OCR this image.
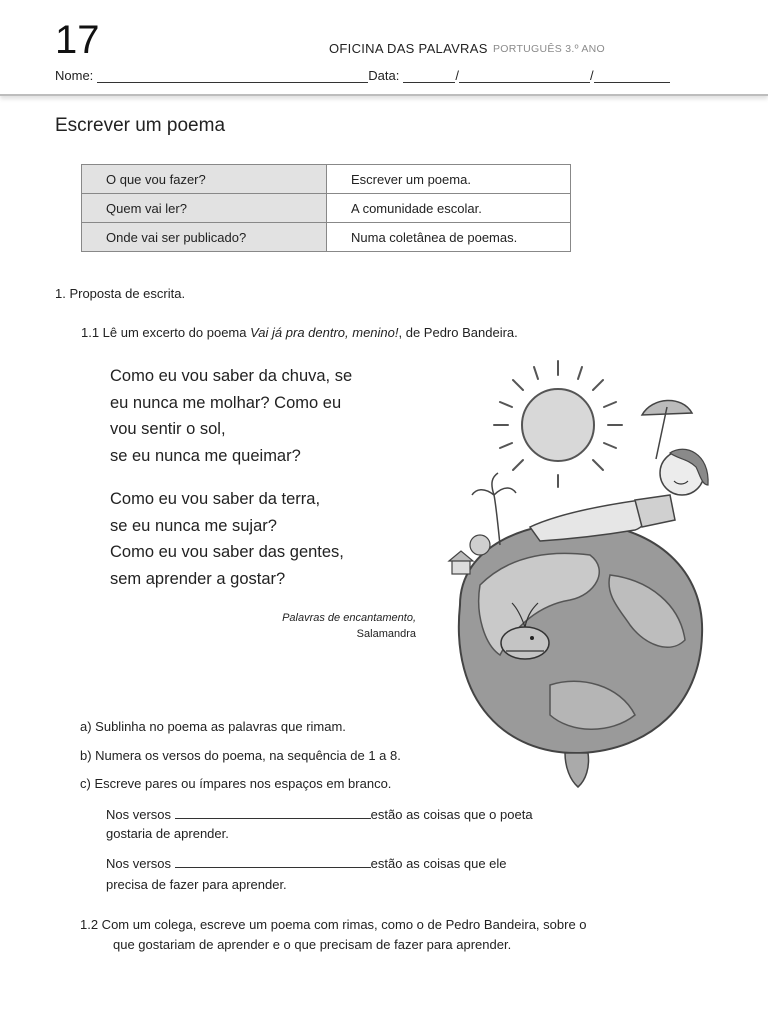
17	OFICINA DAS PALAVRAS PORTUGUÊS 3.º ANO
Nome:	Data:	/	/
Escrever um poema
O que vou fazer?	Escrever um poema.
Quem vai ler?	A comunidade escolar.
Onde vai ser publicado?	Numa coletânea de poemas.
1. Proposta de escrita.
1.1 Lê um excerto do poema Vai já pra dentro, menino!, de Pedro Bandeira.
Como eu vou saber da chuva, se
eu nunca me molhar? Como eu
vou sentir o sol,
se eu nunca me queimar?
Como eu vou saber da terra,
se eu nunca me sujar?
Como eu vou saber das gentes,
sem aprender a gostar?
Palavras de encantamento,
Salamandra
a) Sublinha no poema as palavras que rimam.
b) Numera os versos do poema, na sequência de 1 a 8.
c) Escreve pares ou ímpares nos espaços em branco.
Nos versos	estão as coisas que o poeta
gostaria de aprender.
Nos versos	estão as coisas que ele
precisa de fazer para aprender.
1.2 Com um colega, escreve um poema com rimas, como o de Pedro Bandeira, sobre o
que gostariam de aprender e o que precisam de fazer para aprender.
